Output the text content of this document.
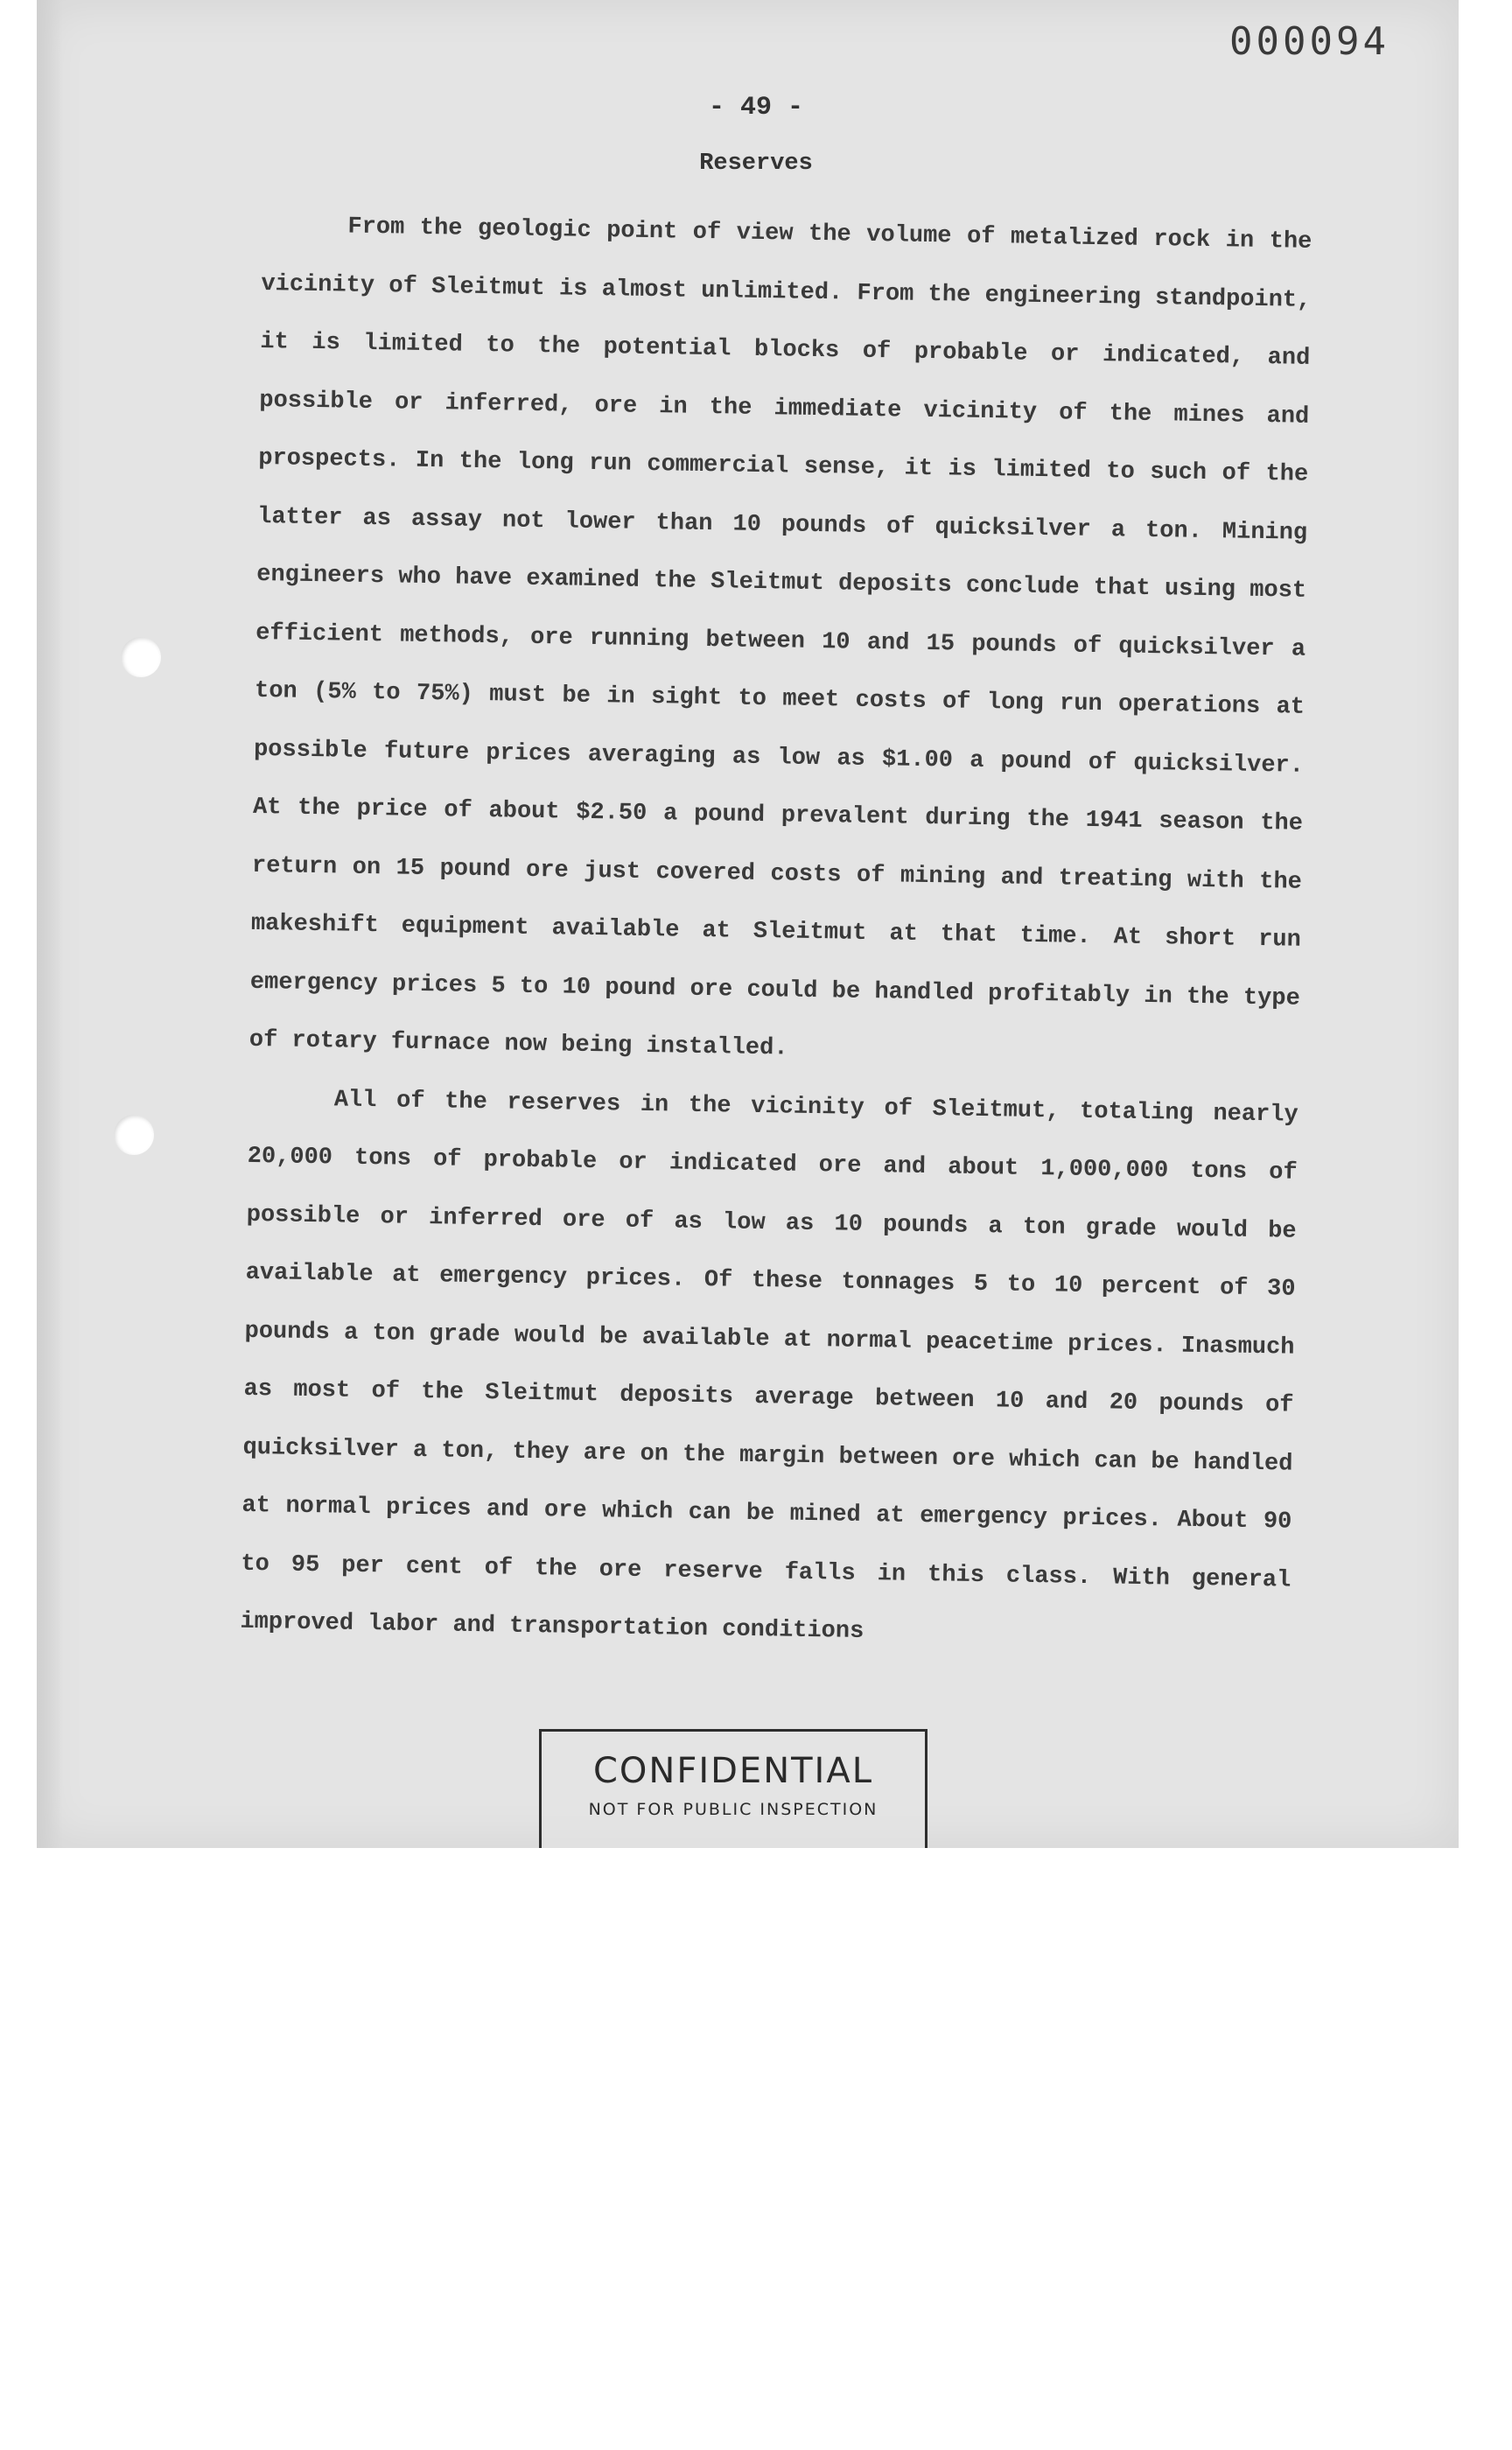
000094
- 49 -
Reserves

From the geologic point of view the volume of metalized rock in the vicinity of Sleitmut is almost unlimited. From the engineering standpoint, it is limited to the potential blocks of probable or indicated, and possible or inferred, ore in the immediate vicinity of the mines and prospects. In the long run commercial sense, it is limited to such of the latter as assay not lower than 10 pounds of quicksilver a ton. Mining engineers who have examined the Sleitmut deposits conclude that using most efficient methods, ore running between 10 and 15 pounds of quicksilver a ton (5% to 75%) must be in sight to meet costs of long run operations at possible future prices averaging as low as $1.00 a pound of quicksilver. At the price of about $2.50 a pound prevalent during the 1941 season the return on 15 pound ore just covered costs of mining and treating with the makeshift equipment available at Sleitmut at that time. At short run emergency prices 5 to 10 pound ore could be handled profitably in the type of rotary furnace now being installed.

All of the reserves in the vicinity of Sleitmut, totaling nearly 20,000 tons of probable or indicated ore and about 1,000,000 tons of possible or inferred ore of as low as 10 pounds a ton grade would be available at emergency prices. Of these tonnages 5 to 10 percent of 30 pounds a ton grade would be available at normal peacetime prices. Inasmuch as most of the Sleitmut deposits average between 10 and 20 pounds of quicksilver a ton, they are on the margin between ore which can be handled at normal prices and ore which can be mined at emergency prices. About 90 to 95 per cent of the ore reserve falls in this class. With general improved labor and transportation conditions

CONFIDENTIAL
NOT FOR PUBLIC INSPECTION
